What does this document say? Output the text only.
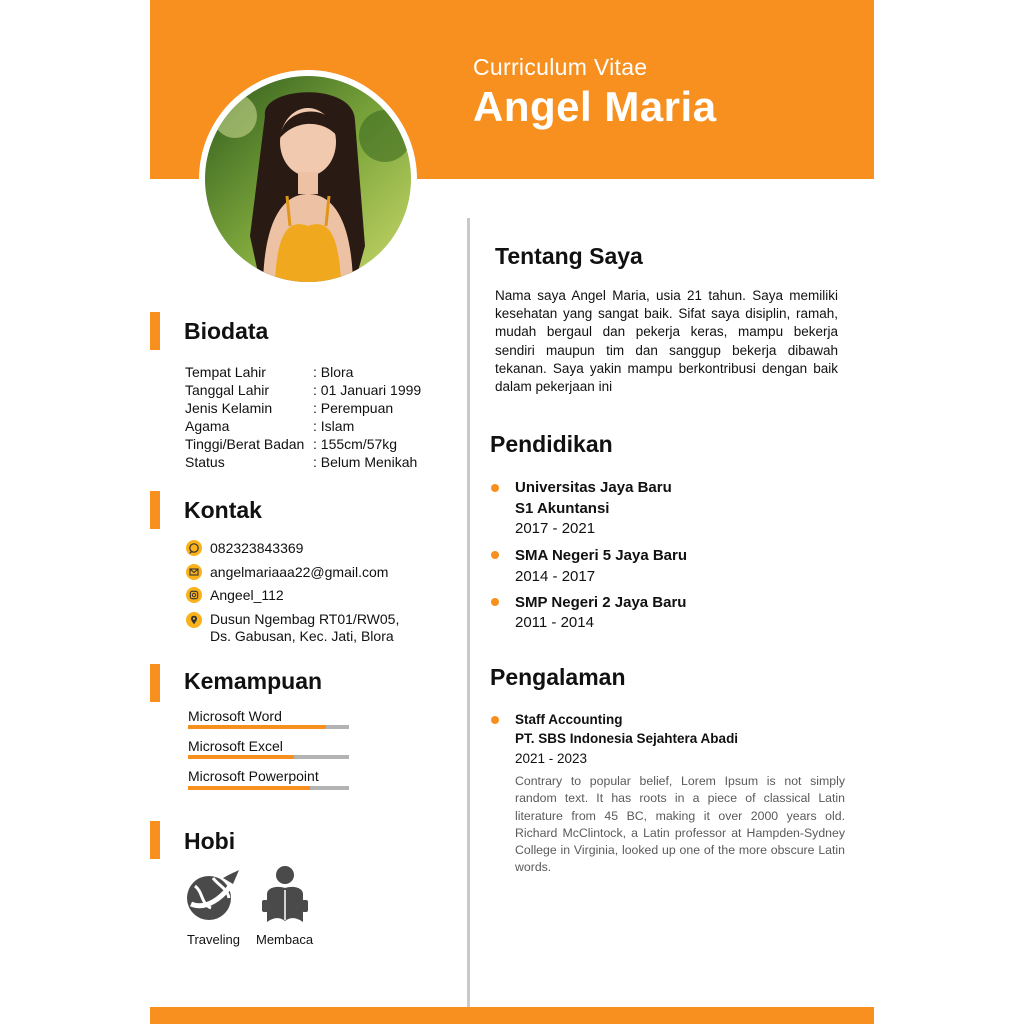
Curriculum Vitae
Angel Maria
Biodata
Tempat Lahir	: Blora
Tanggal Lahir	: 01 Januari 1999
Jenis Kelamin	: Perempuan
Agama	: Islam
Tinggi/Berat Badan : 155cm/57kg
Status	: Belum Menikah
Kontak
082323843369
angelmariaaa22@gmail.com
Angeel_112
Dusun Ngembag RT01/RW05,
Ds. Gabusan, Kec. Jati, Blora
Kemampuan
Microsoft Word
Microsoft Excel
Microsoft Powerpoint
Hobi
Traveling Membaca
Tentang Saya
Nama saya Angel Maria, usia 21 tahun. Saya memiliki kesehatan yang sangat baik. Sifat saya disiplin, ramah, mudah bergaul dan pekerja keras, mampu bekerja sendiri maupun tim dan sanggup bekerja dibawah tekanan. Saya yakin mampu berkontribusi dengan baik dalam pekerjaan ini
Pendidikan
Universitas Jaya Baru
S1 Akuntansi
2017 - 2021
SMA Negeri 5 Jaya Baru
2014 - 2017
SMP Negeri 2 Jaya Baru
2011 - 2014
Pengalaman
Staff Accounting
PT. SBS Indonesia Sejahtera Abadi
2021 - 2023
Contrary to popular belief, Lorem Ipsum is not simply random text. It has roots in a piece of classical Latin literature from 45 BC, making it over 2000 years old. Richard McClintock, a Latin professor at Hampden-Sydney College in Virginia, looked up one of the more obscure Latin words.
